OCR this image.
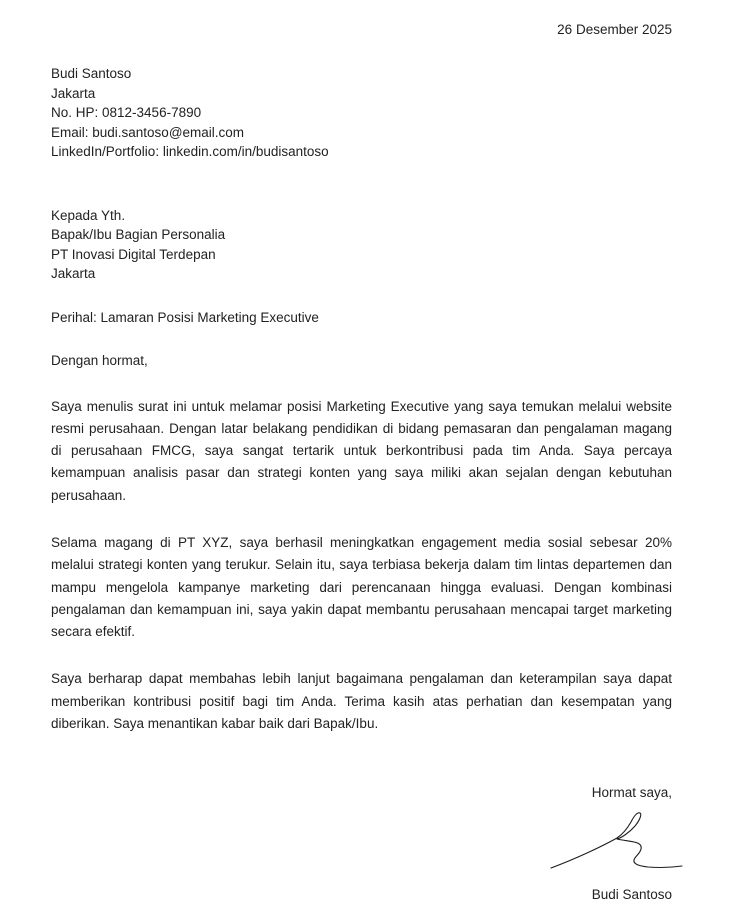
26 Desember 2025
Budi Santoso
Jakarta
No. HP: 0812-3456-7890
Email: budi.santoso@email.com
LinkedIn/Portfolio: linkedin.com/in/budisantoso
Kepada Yth.
Bapak/Ibu Bagian Personalia
PT Inovasi Digital Terdepan
Jakarta
Perihal: Lamaran Posisi Marketing Executive
Dengan hormat,

Saya menulis surat ini untuk melamar posisi Marketing Executive yang saya temukan melalui website resmi perusahaan. Dengan latar belakang pendidikan di bidang pemasaran dan pengalaman magang di perusahaan FMCG, saya sangat tertarik untuk berkontribusi pada tim Anda. Saya percaya kemampuan analisis pasar dan strategi konten yang saya miliki akan sejalan dengan kebutuhan perusahaan.

Selama magang di PT XYZ, saya berhasil meningkatkan engagement media sosial sebesar 20% melalui strategi konten yang terukur. Selain itu, saya terbiasa bekerja dalam tim lintas departemen dan mampu mengelola kampanye marketing dari perencanaan hingga evaluasi. Dengan kombinasi pengalaman dan kemampuan ini, saya yakin dapat membantu perusahaan mencapai target marketing secara efektif.

Saya berharap dapat membahas lebih lanjut bagaimana pengalaman dan keterampilan saya dapat memberikan kontribusi positif bagi tim Anda. Terima kasih atas perhatian dan kesempatan yang diberikan. Saya menantikan kabar baik dari Bapak/Ibu.

Hormat saya,

Budi Santoso
